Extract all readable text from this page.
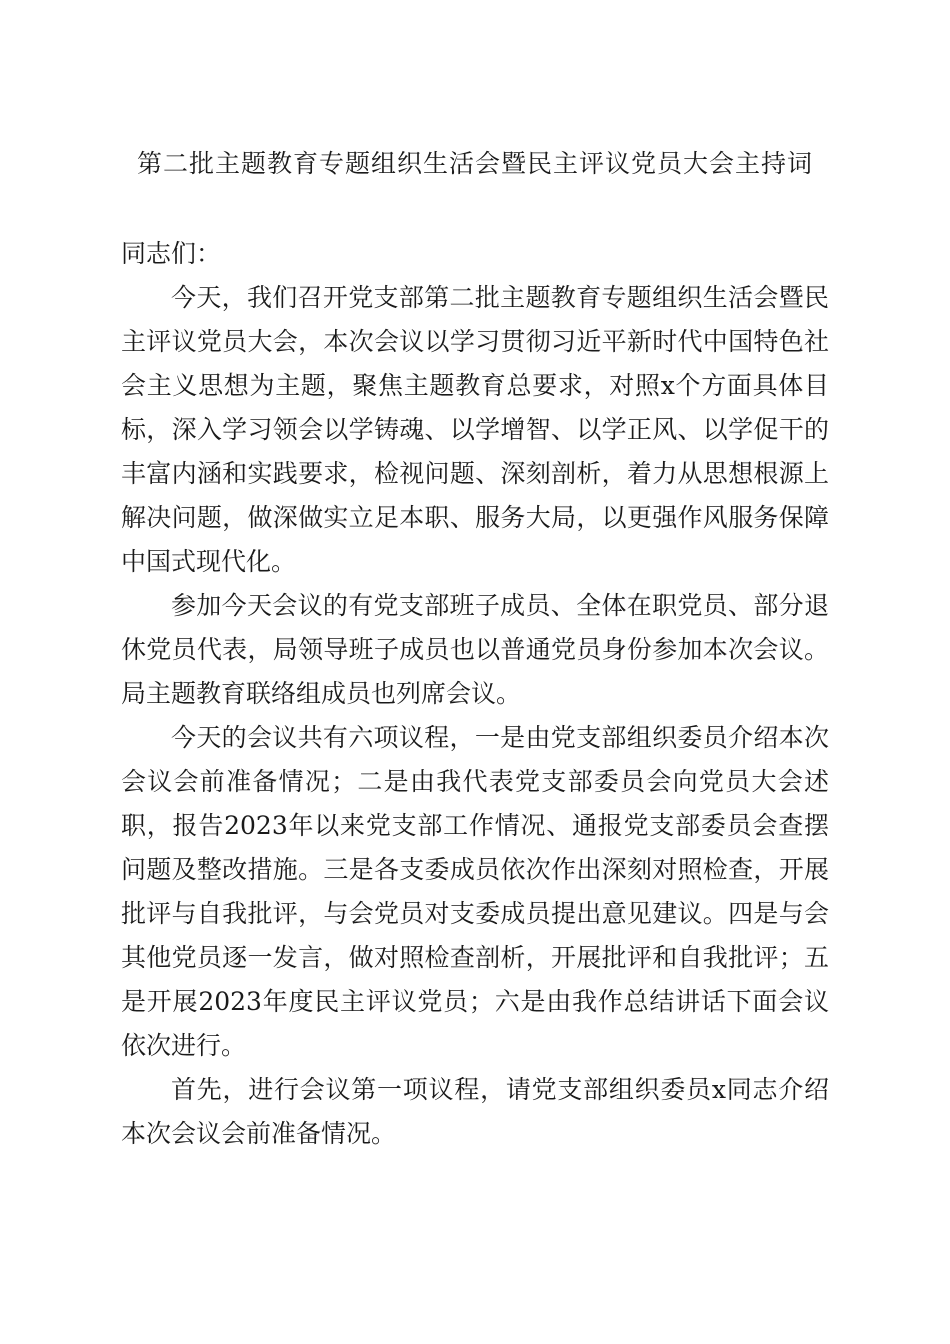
第二批主题教育专题组织生活会暨民主评议党员大会主持词

同志们：

今天，我们召开党支部第二批主题教育专题组织生活会暨民主评议党员大会，本次会议以学习贯彻习近平新时代中国特色社会主义思想为主题，聚焦主题教育总要求，对照x个方面具体目标，深入学习领会以学铸魂、以学增智、以学正风、以学促干的丰富内涵和实践要求，检视问题、深刻剖析，着力从思想根源上解决问题，做深做实立足本职、服务大局，以更强作风服务保障中国式现代化。

参加今天会议的有党支部班子成员、全体在职党员、部分退休党员代表，局领导班子成员也以普通党员身份参加本次会议。局主题教育联络组成员也列席会议。

今天的会议共有六项议程，一是由党支部组织委员介绍本次会议会前准备情况；二是由我代表党支部委员会向党员大会述职，报告2023年以来党支部工作情况、通报党支部委员会查摆问题及整改措施。三是各支委成员依次作出深刻对照检查，开展批评与自我批评，与会党员对支委成员提出意见建议。四是与会其他党员逐一发言，做对照检查剖析，开展批评和自我批评；五是开展2023年度民主评议党员；六是由我作总结讲话下面会议依次进行。

首先，进行会议第一项议程，请党支部组织委员x同志介绍本次会议会前准备情况。
